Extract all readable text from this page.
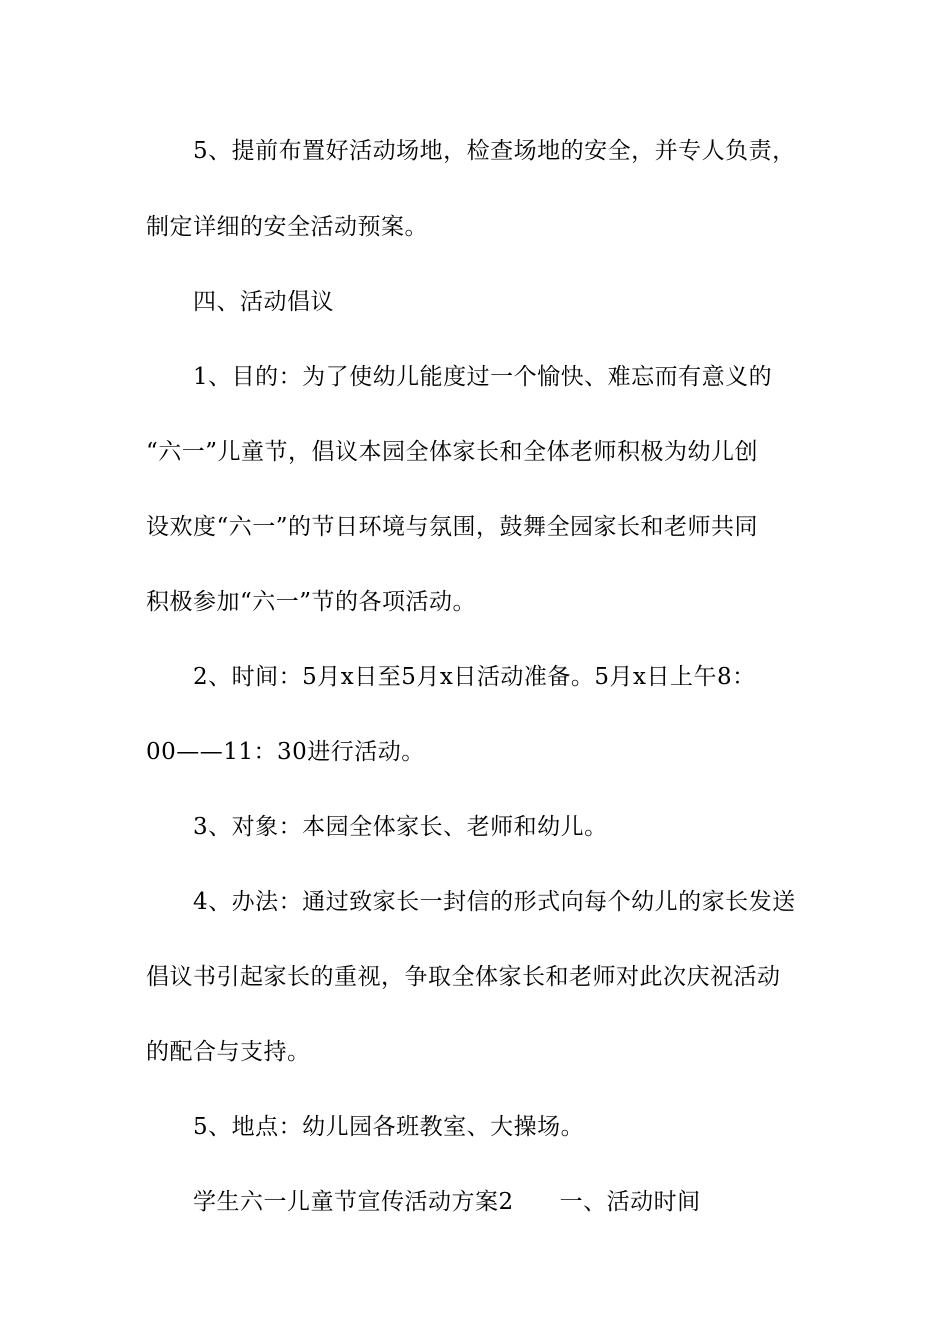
5、提前布置好活动场地，检查场地的安全，并专人负责，
制定详细的安全活动预案。
四、活动倡议
1、目的：为了使幼儿能度过一个愉快、难忘而有意义的
“六一”儿童节，倡议本园全体家长和全体老师积极为幼儿创
设欢度“六一”的节日环境与氛围，鼓舞全园家长和老师共同
积极参加“六一”节的各项活动。
2、时间：5月x日至5月x日活动准备。5月x日上午8：
00——11：30进行活动。
3、对象：本园全体家长、老师和幼儿。
4、办法：通过致家长一封信的形式向每个幼儿的家长发送
倡议书引起家长的重视，争取全体家长和老师对此次庆祝活动
的配合与支持。
5、地点：幼儿园各班教室、大操场。
学生六一儿童节宣传活动方案2 一、活动时间
